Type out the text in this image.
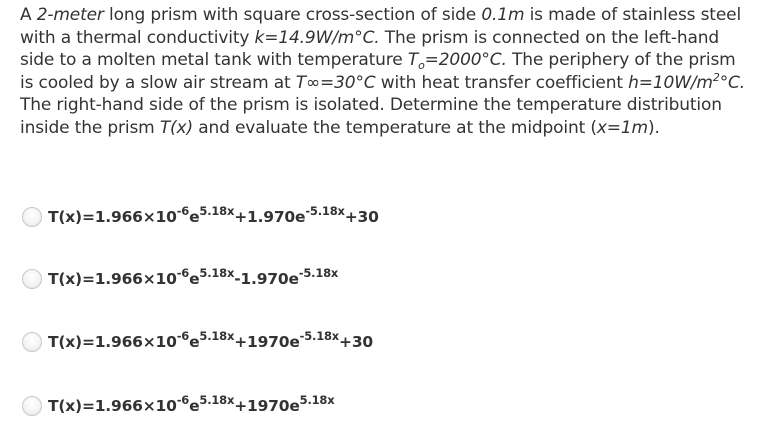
A 2-meter long prism with square cross-section of side 0.1m is made of stainless steel with a thermal conductivity k=14.9W/m°C. The prism is connected on the left-hand side to a molten metal tank with temperature $T_o=2000^\circ C$. The periphery of the prism is cooled by a slow air stream at T∞=30°C with heat transfer coefficient $h=10W/m^2^\circ C$. The right-hand side of the prism is isolated. Determine the temperature distribution inside the prism T(x) and evaluate the temperature at the midpoint (x=1m).
$T(x)=1.966\times 10^{-6}e^{5.18x}+1.970e^{-5.18x}+30$
$T(x)=1.966\times 10^{-6}e^{5.18x}-1.970e^{-5.18x}$
$T(x)=1.966\times 10^{-6}e^{5.18x}+1970e^{-5.18x}+30$
$T(x)=1.966\times 10^{-6}e^{5.18x}+1970e^{5.18x}$
